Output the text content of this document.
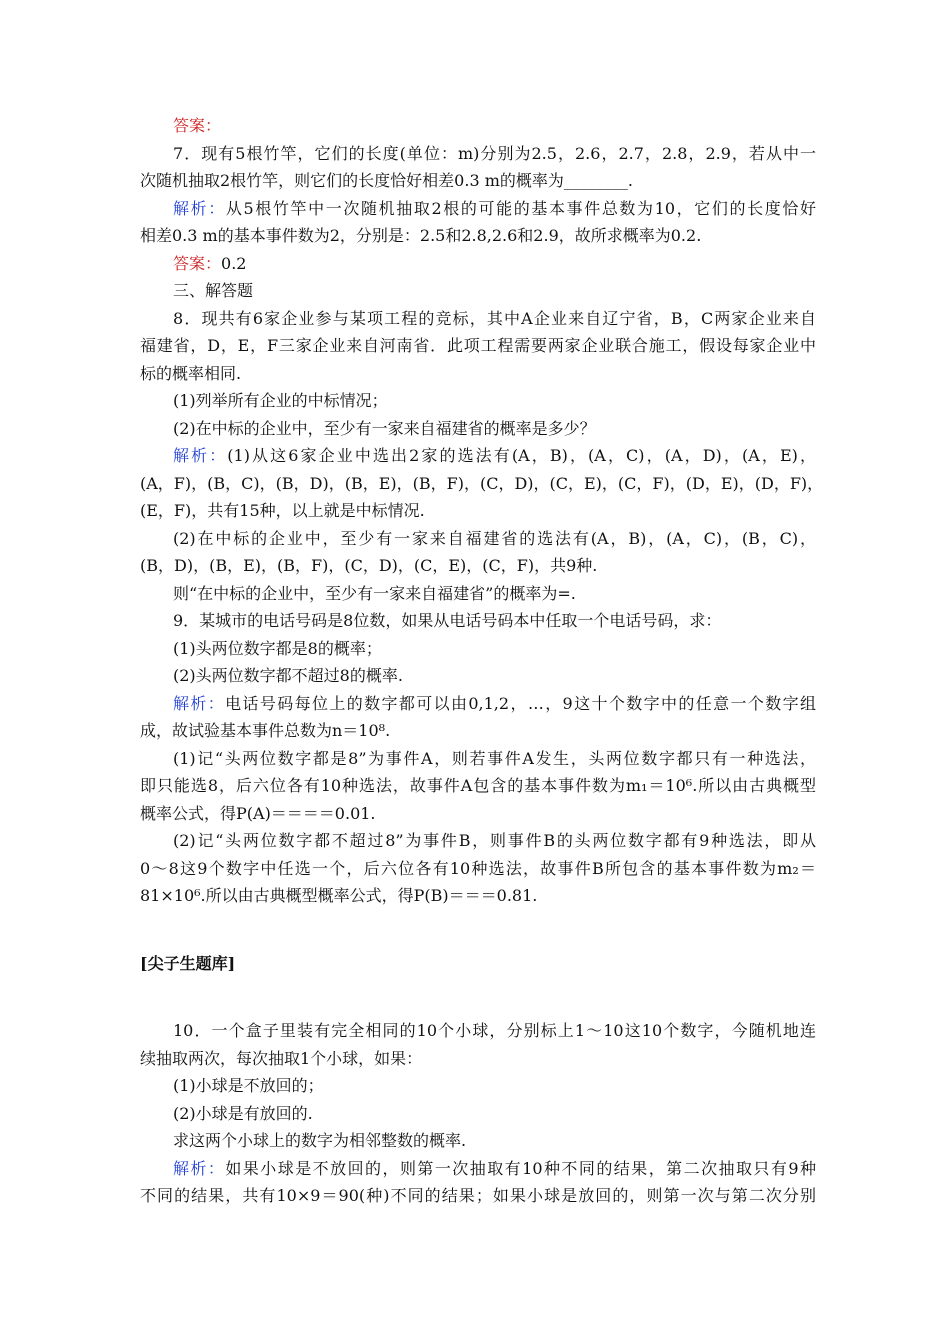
答案：
7．现有5根竹竿，它们的长度(单位：m)分别为2.5，2.6，2.7，2.8，2.9，若从中一
次随机抽取2根竹竿，则它们的长度恰好相差0.3 m的概率为________.
解析：从5根竹竿中一次随机抽取2根的可能的基本事件总数为10，它们的长度恰好
相差0.3 m的基本事件数为2，分别是：2.5和2.8,2.6和2.9，故所求概率为0.2.
答案：0.2
三、解答题
8．现共有6家企业参与某项工程的竞标，其中A企业来自辽宁省，B，C两家企业来自
福建省，D，E，F三家企业来自河南省．此项工程需要两家企业联合施工，假设每家企业中
标的概率相同.
(1)列举所有企业的中标情况；
(2)在中标的企业中，至少有一家来自福建省的概率是多少？
解析：(1)从这6家企业中选出2家的选法有(A，B)，(A，C)，(A，D)，(A，E)，
(A，F)，(B，C)，(B，D)，(B，E)，(B，F)，(C，D)，(C，E)，(C，F)，(D，E)，(D，F)，
(E，F)，共有15种，以上就是中标情况.
(2)在中标的企业中，至少有一家来自福建省的选法有(A，B)，(A，C)，(B，C)，
(B，D)，(B，E)，(B，F)，(C，D)，(C，E)，(C，F)，共9种.
则“在中标的企业中，至少有一家来自福建省”的概率为=.
9．某城市的电话号码是8位数，如果从电话号码本中任取一个电话号码，求：
(1)头两位数字都是8的概率；
(2)头两位数字都不超过8的概率.
解析：电话号码每位上的数字都可以由0,1,2，…，9这十个数字中的任意一个数字组
成，故试验基本事件总数为n＝10⁸.
(1)记“头两位数字都是8”为事件A，则若事件A发生，头两位数字都只有一种选法，
即只能选8，后六位各有10种选法，故事件A包含的基本事件数为m₁＝10⁶.所以由古典概型
概率公式，得P(A)＝＝＝＝0.01.
(2)记“头两位数字都不超过8”为事件B，则事件B的头两位数字都有9种选法，即从
0～8这9个数字中任选一个，后六位各有10种选法，故事件B所包含的基本事件数为m₂＝
81×10⁶.所以由古典概型概率公式，得P(B)＝＝＝0.81.
[尖子生题库]
10．一个盒子里装有完全相同的10个小球，分别标上1～10这10个数字，今随机地连
续抽取两次，每次抽取1个小球，如果：
(1)小球是不放回的；
(2)小球是有放回的.
求这两个小球上的数字为相邻整数的概率.
解析：如果小球是不放回的，则第一次抽取有10种不同的结果，第二次抽取只有9种
不同的结果，共有10×9＝90(种)不同的结果；如果小球是放回的，则第一次与第二次分别
